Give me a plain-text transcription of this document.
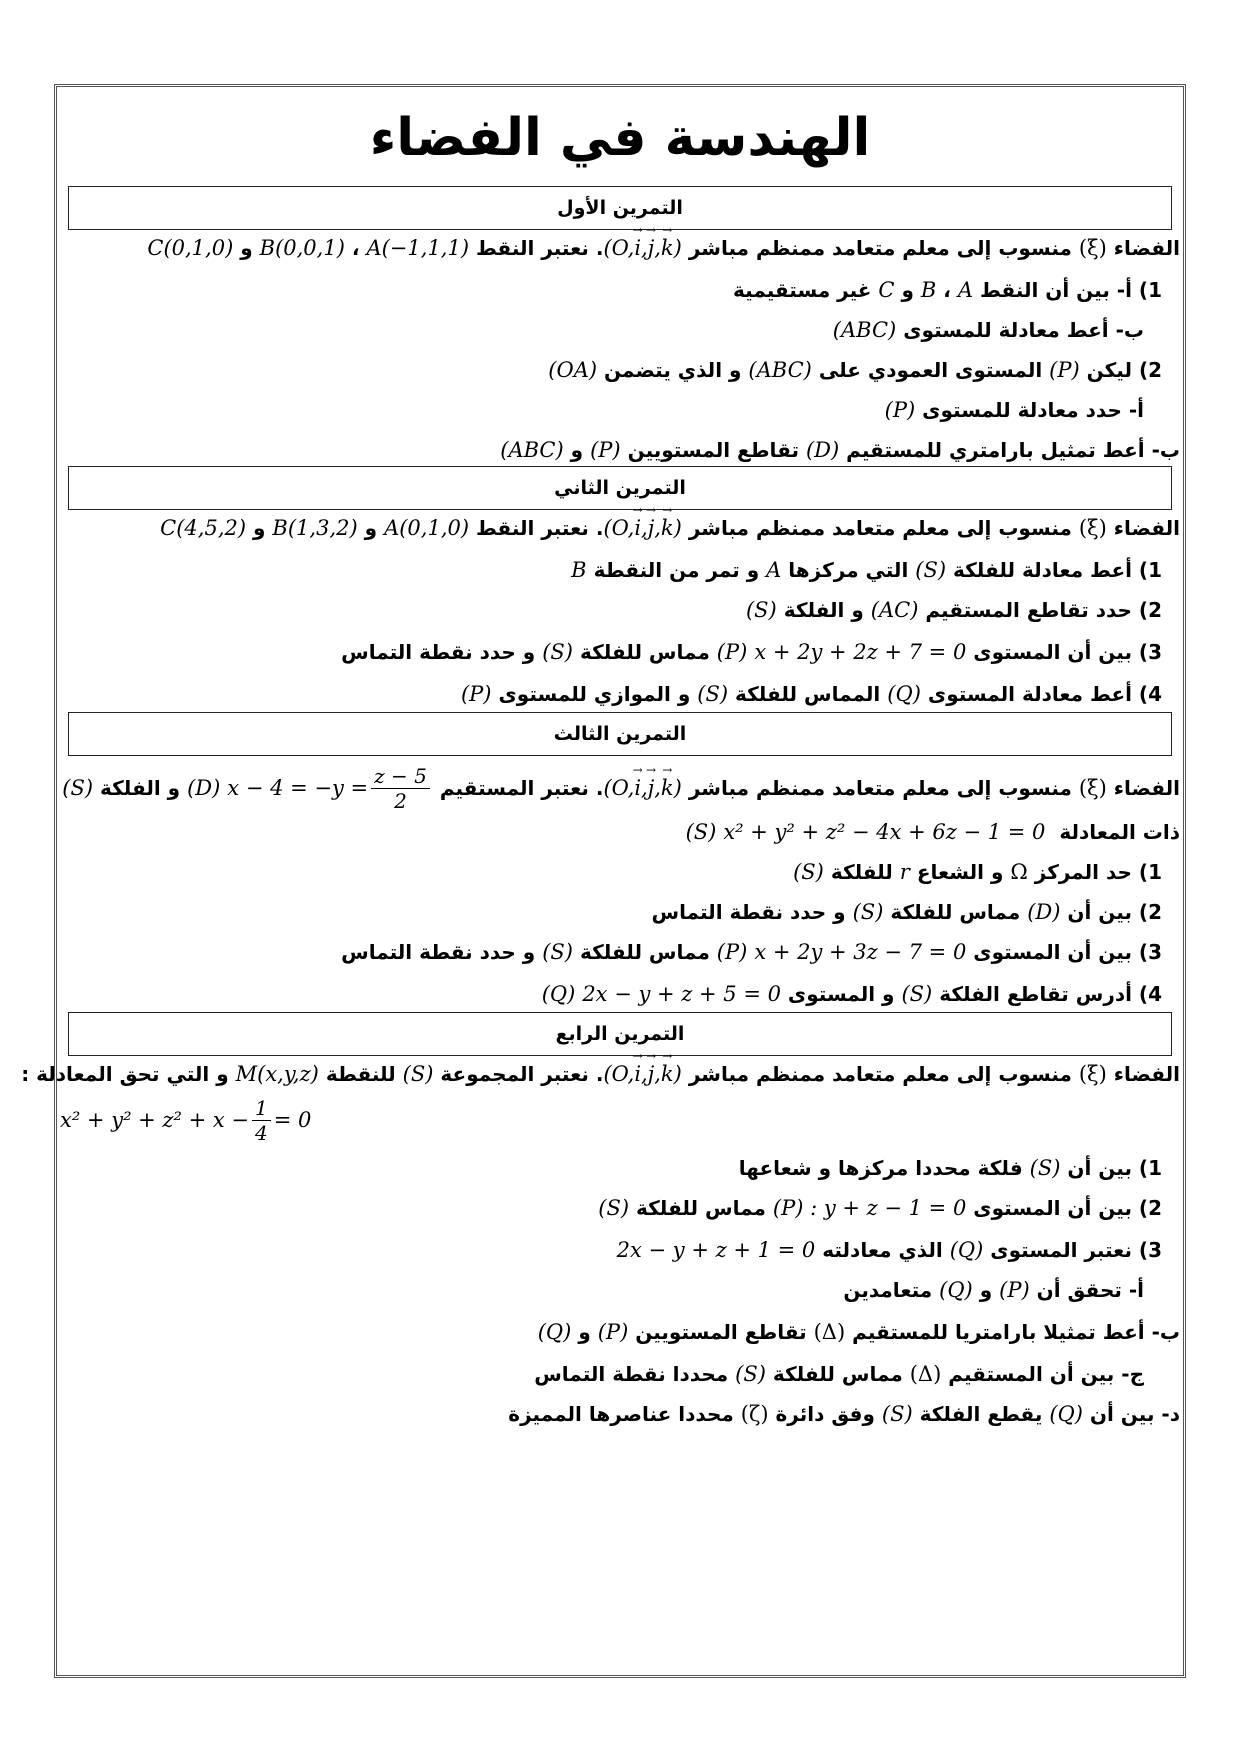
الهندسة في الفضاء
التمرين الأول
الفضاء

(ξ)

منسوب إلى معلم متعامد ممنظم مباشر

(O,→ i,→ j,→ k)
. نعتبر النقط

A(−1,1,1)

،

B(0,0,1)

و

C(0,1,0)
1) أ- بين أن النقط

A

،

B

و

C

غير مستقيمية
ب- أعط معادلة للمستوى

(ABC)
2) ليكن

(P)

المستوى العمودي على

(ABC)

و الذي يتضمن

(OA)
أ- حدد معادلة للمستوى

(P)
ب- أعط تمثيل بارامتري للمستقيم

(D)

تقاطع المستويين

(P)

و

(ABC)
التمرين الثاني
الفضاء

(ξ)

منسوب إلى معلم متعامد ممنظم مباشر

(O,→ i,→ j,→ k)
. نعتبر النقط

A(0,1,0)

و

B(1,3,2)

و

C(4,5,2)
1) أعط معادلة للفلكة

(S)

التي مركزها

A

و تمر من النقطة

B
2) حدد تقاطع المستقيم

(AC)

و الفلكة

(S)
3) بين أن المستوى

x + 2y + 2z + 7 = 0

(P)

مماس للفلكة

(S)

و حدد نقطة التماس
4) أعط معادلة المستوى

(Q)

المماس للفلكة

(S)

و الموازي للمستوى

(P)
التمرين الثالث
الفضاء

(ξ)

منسوب إلى معلم متعامد ممنظم مباشر

(O,→ i,→ j,→ k)
. نعتبر المستقيم

$x - 4 = -y = \frac{z - 5}{2}$

(D)

و الفلكة

(S)
ذات المعادلة

x² + y² + z² − 4x + 6z − 1 = 0

(S)
1) حد المركز

Ω

و الشعاع

r

للفلكة

(S)
2) بين أن

(D)

مماس للفلكة

(S)

و حدد نقطة التماس
3) بين أن المستوى

x + 2y + 3z − 7 = 0

(P)

مماس للفلكة

(S)

و حدد نقطة التماس
4) أدرس تقاطع الفلكة

(S)

و المستوى

2x − y + z + 5 = 0

(Q)
التمرين الرابع
الفضاء

(ξ)

منسوب إلى معلم متعامد ممنظم مباشر

(O,→ i,→ j,→ k)
. نعتبر المجموعة

(S)

للنقطة

M(x,y,z)

و التي تحق المعادلة :
$x^2 + y^2 + z^2 + x - \frac{1}{4} = 0$
1) بين أن

(S)

فلكة محددا مركزها و شعاعها
2) بين أن المستوى

(P) : y + z − 1 = 0

مماس للفلكة

(S)
3) نعتبر المستوى

(Q)

الذي معادلته

2x − y + z + 1 = 0
أ- تحقق أن

(P)

و

(Q)

متعامدين
ب- أعط تمثيلا بارامتريا للمستقيم

(Δ)

تقاطع المستويين

(P)

و

(Q)
ج- بين أن المستقيم

(Δ)

مماس للفلكة

(S)

محددا نقطة التماس
د- بين أن

(Q)

يقطع الفلكة

(S)

وفق دائرة

(ζ)

محددا عناصرها المميزة
